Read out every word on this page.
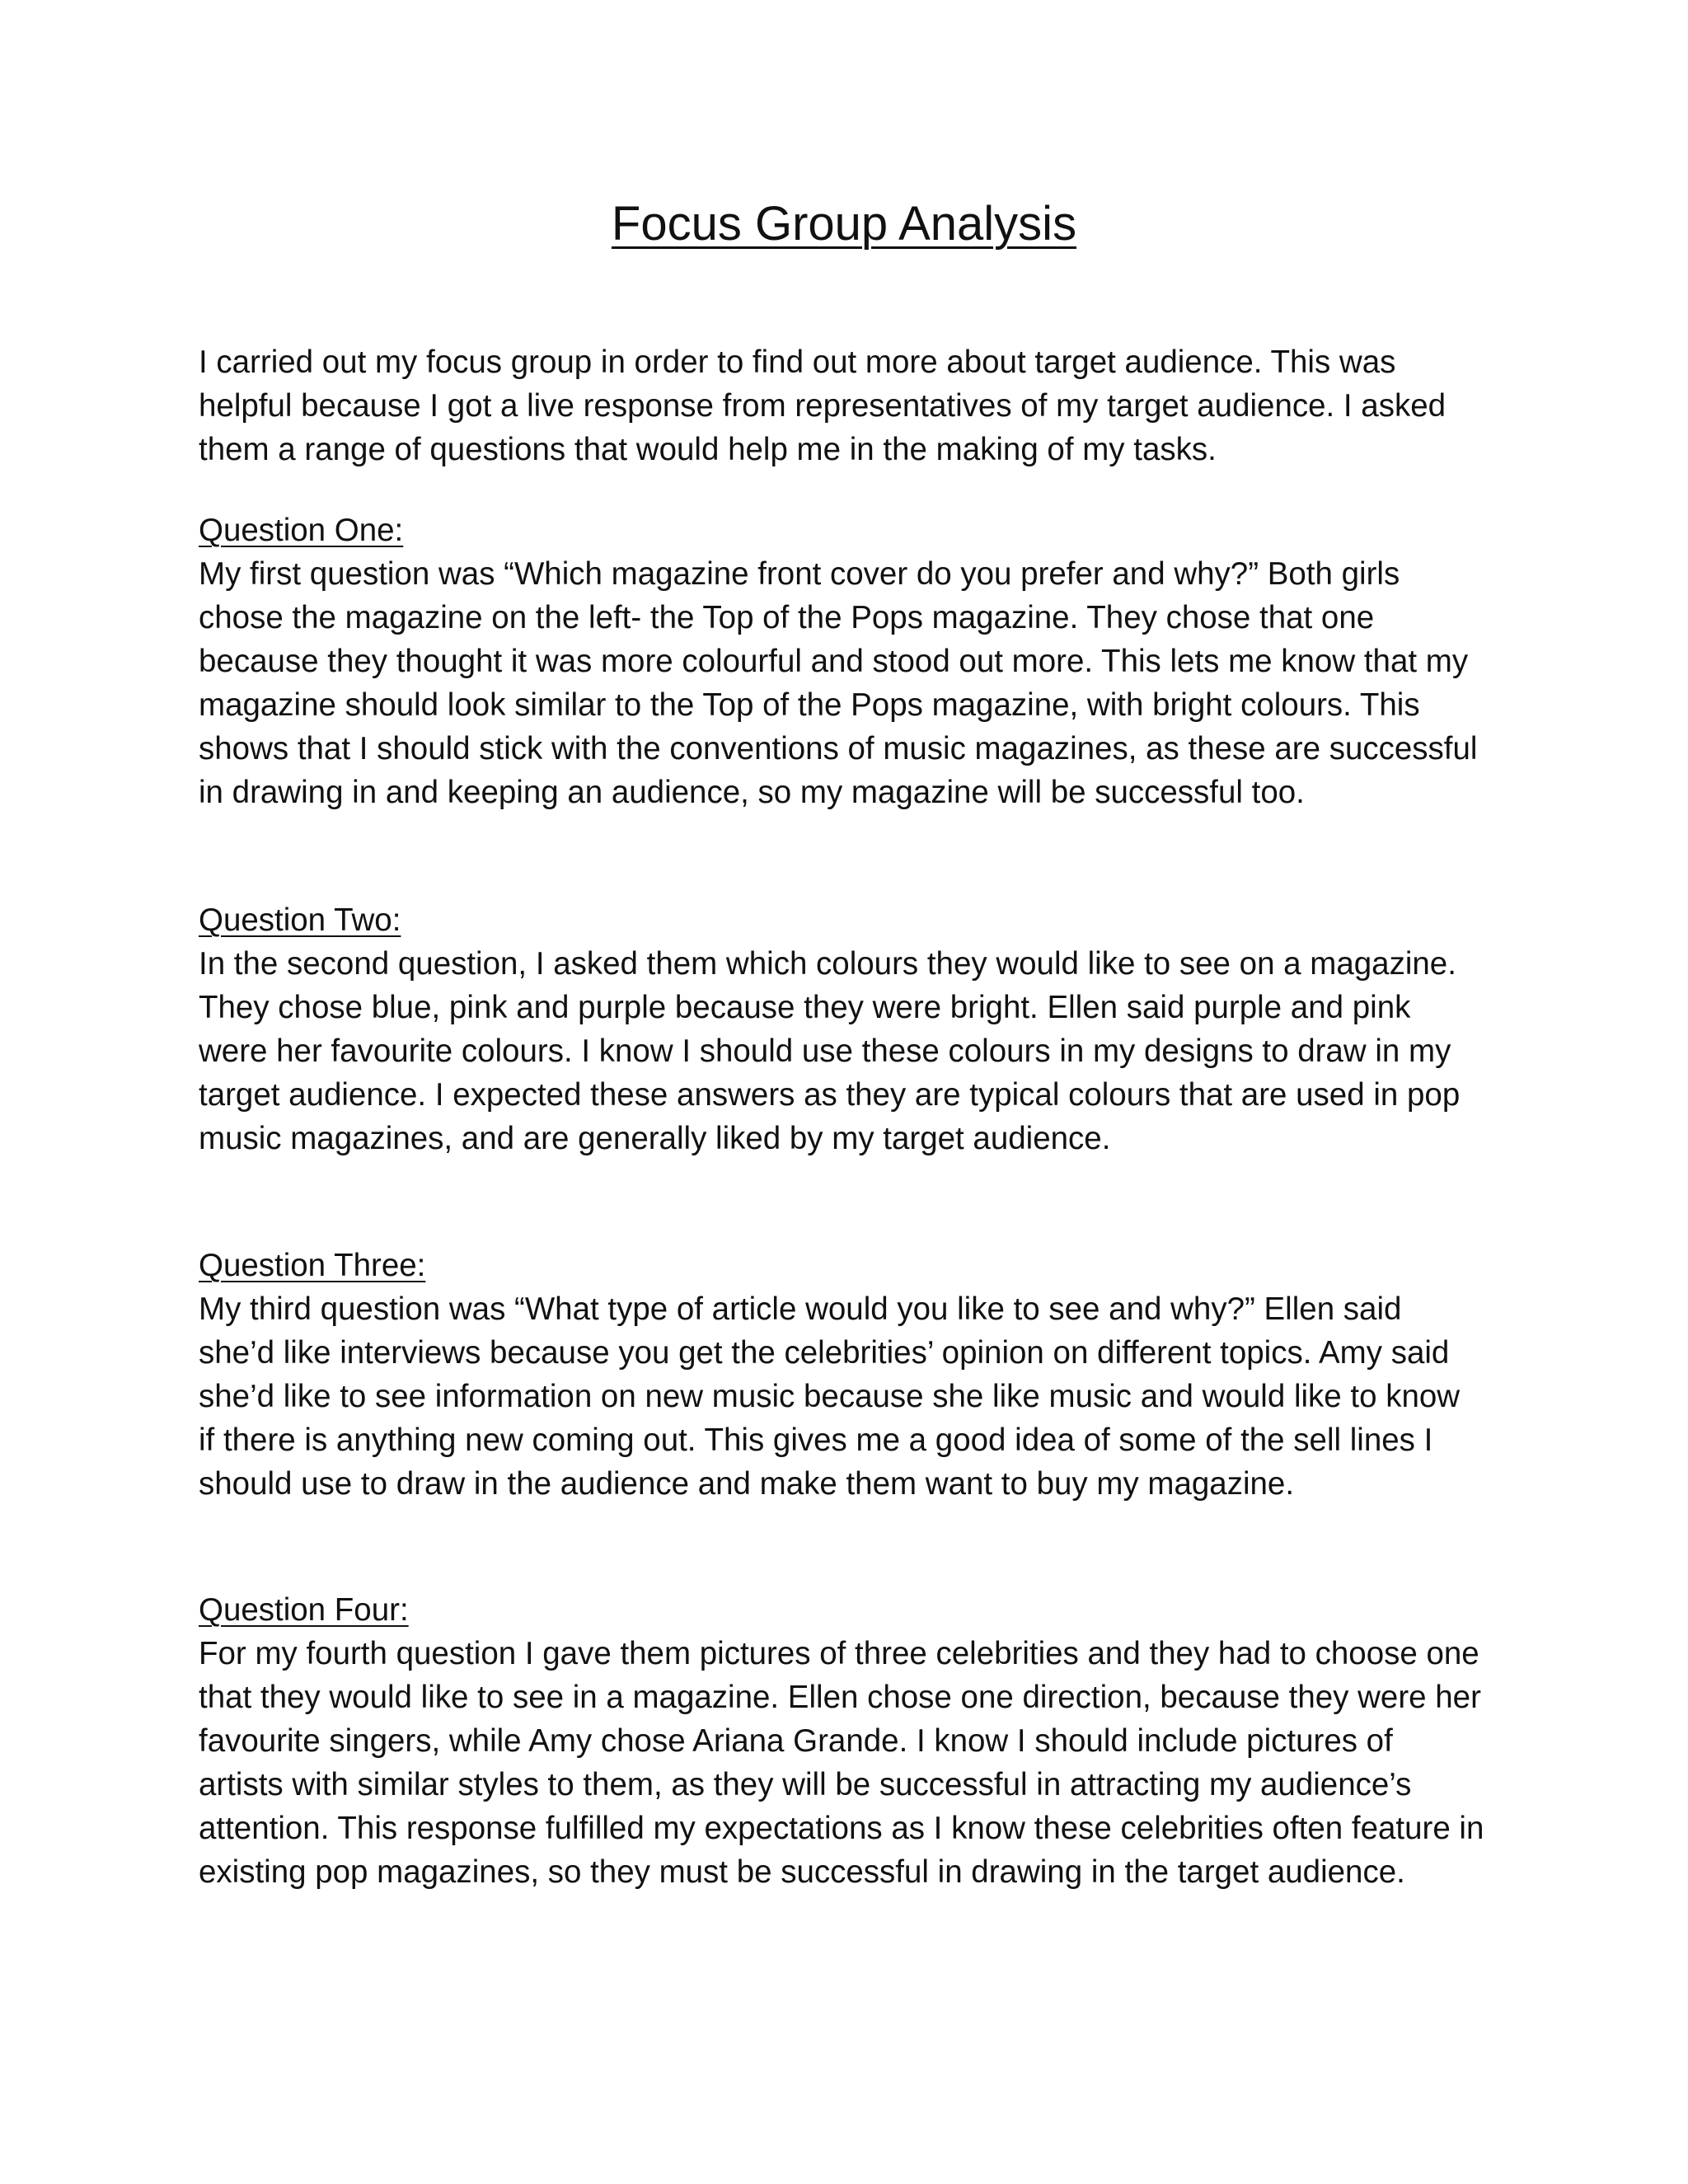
Focus Group Analysis

I carried out my focus group in order to find out more about target audience. This was helpful because I got a live response from representatives of my target audience. I asked them a range of questions that would help me in the making of my tasks.

Question One:

My first question was “Which magazine front cover do you prefer and why?” Both girls chose the magazine on the left- the Top of the Pops magazine. They chose that one because they thought it was more colourful and stood out more. This lets me know that my magazine should look similar to the Top of the Pops magazine, with bright colours. This shows that I should stick with the conventions of music magazines, as these are successful in drawing in and keeping an audience, so my magazine will be successful too.

Question Two:

In the second question, I asked them which colours they would like to see on a magazine. They chose blue, pink and purple because they were bright. Ellen said purple and pink were her favourite colours. I know I should use these colours in my designs to draw in my target audience. I expected these answers as they are typical colours that are used in pop music magazines, and are generally liked by my target audience.

Question Three:

My third question was “What type of article would you like to see and why?” Ellen said she’d like interviews because you get the celebrities’ opinion on different topics. Amy said she’d like to see information on new music because she like music and would like to know if there is anything new coming out. This gives me a good idea of some of the sell lines I should use to draw in the audience and make them want to buy my magazine.

Question Four:

For my fourth question I gave them pictures of three celebrities and they had to choose one that they would like to see in a magazine. Ellen chose one direction, because they were her favourite singers, while Amy chose Ariana Grande. I know I should include pictures of artists with similar styles to them, as they will be successful in attracting my audience’s attention. This response fulfilled my expectations as I know these celebrities often feature in existing pop magazines, so they must be successful in drawing in the target audience.
